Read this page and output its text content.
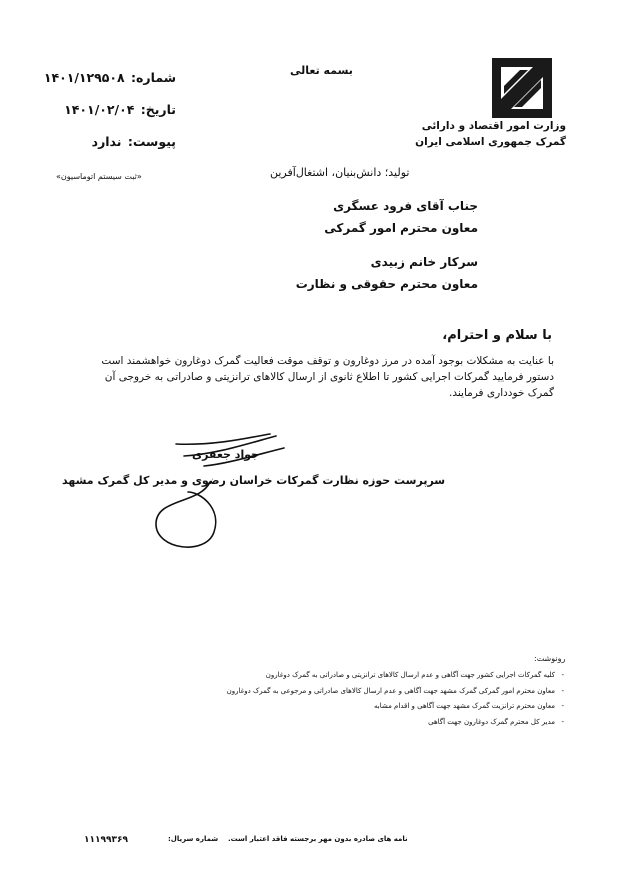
وزارت امور اقتصاد و دارائی
گمرک جمهوری اسلامی ایران
بسمه تعالی
شماره: ۱۴۰۱/۱۲۹۵۰۸
تاریخ: ۱۴۰۱/۰۲/۰۴
پیوست: ندارد
«ثبت سیستم اتوماسیون»	تولید؛ دانش‌بنیان، اشتغال‌آفرین
جناب آقای فرود عسگری
معاون محترم امور گمرکی
سرکار خانم زبیدی
معاون محترم حقوقی و نظارت
با سلام و احترام،
با عنایت به مشکلات بوجود آمده در مرز دوغارون و توقف موقت فعالیت گمرک دوغارون خواهشمند است دستور فرمایید گمرکات اجرایی کشور تا اطلاع ثانوی از ارسال کالاهای ترانزیتی و صادراتی به خروجی آن گمرک خودداری فرمایند.
جواد جعفری
سرپرست حوزه نظارت گمرکات خراسان رضوی و مدیر کل گمرک مشهد
رونوشت:
-
کلیه گمرکات اجرایی کشور جهت آگاهی و عدم ارسال کالاهای ترانزیتی و صادراتی به گمرک دوغارون
-
معاون محترم امور گمرکی گمرک مشهد جهت آگاهی و عدم ارسال کالاهای صادراتی و مرجوعی به گمرک دوغارون
-
معاون محترم ترانزیت گمرک مشهد جهت آگاهی و اقدام مشابه
-
مدیر کل محترم گمرک دوغارون جهت آگاهی
نامه های صادره بدون مهر برجسته فاقد اعتبار است.    شماره سریال:
۱۱۱۹۹۳۶۹
